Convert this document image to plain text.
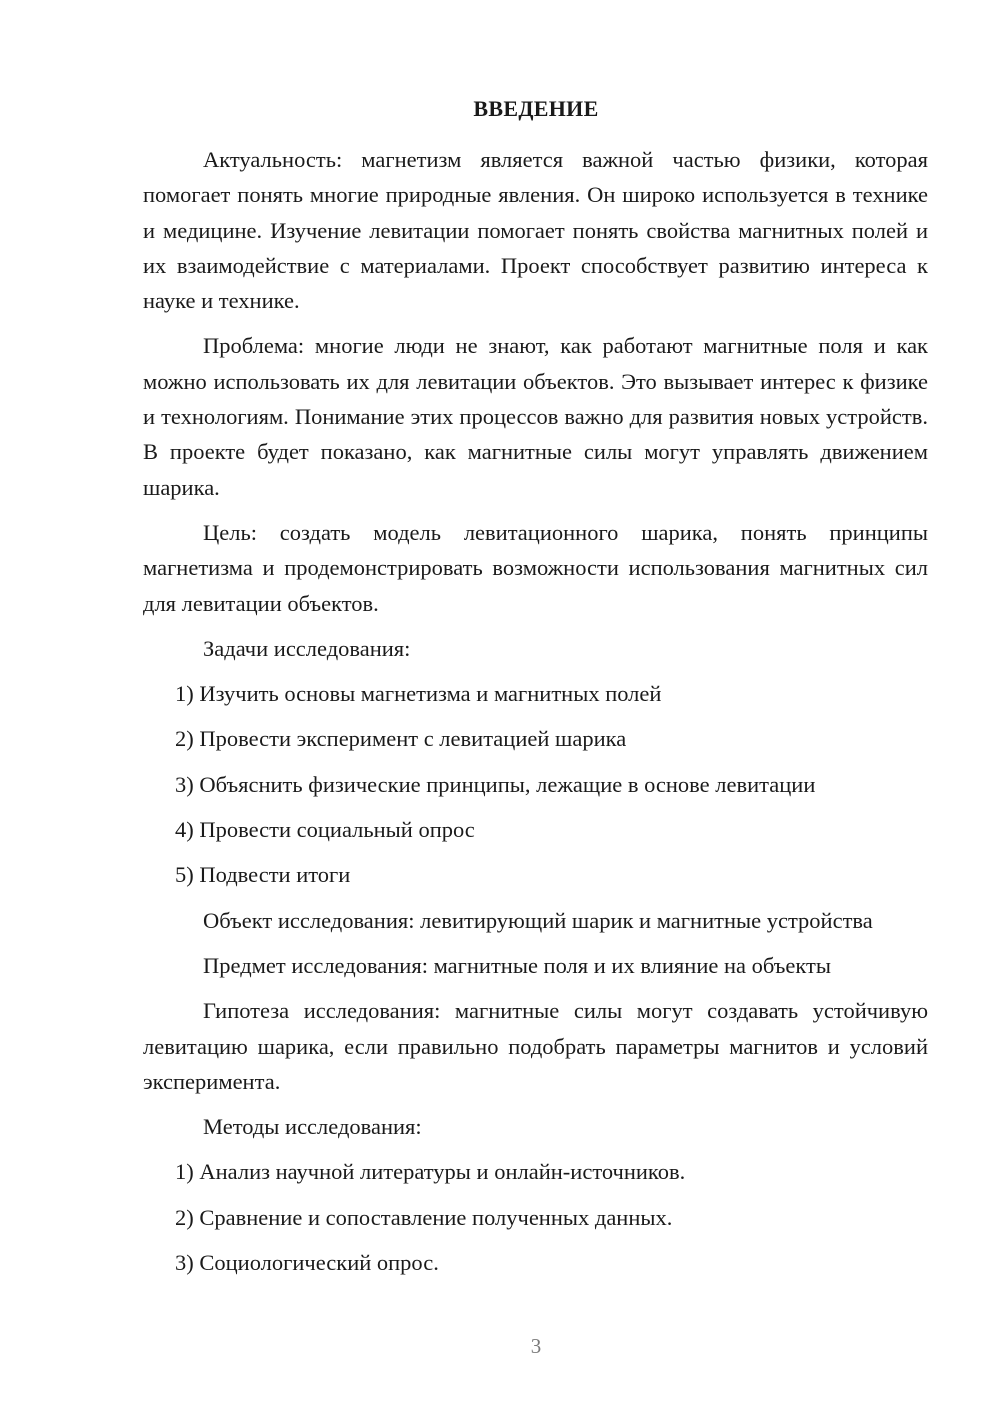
ВВЕДЕНИЕ

Актуальность: магнетизм является важной частью физики, которая помогает понять многие природные явления. Он широко используется в технике и медицине. Изучение левитации помогает понять свойства магнитных полей и их взаимодействие с материалами. Проект способствует развитию интереса к науке и технике.

Проблема: многие люди не знают, как работают магнитные поля и как можно использовать их для левитации объектов. Это вызывает интерес к физике и технологиям. Понимание этих процессов важно для развития новых устройств. В проекте будет показано, как магнитные силы могут управлять движением шарика.

Цель: создать модель левитационного шарика, понять принципы магнетизма и продемонстрировать возможности использования магнитных сил для левитации объектов.

Задачи исследования:

1) Изучить основы магнетизма и магнитных полей
2) Провести эксперимент с левитацией шарика
3) Объяснить физические принципы, лежащие в основе левитации
4) Провести социальный опрос
5) Подвести итоги

Объект исследования: левитирующий шарик и магнитные устройства

Предмет исследования: магнитные поля и их влияние на объекты

Гипотеза исследования: магнитные силы могут создавать устойчивую левитацию шарика, если правильно подобрать параметры магнитов и условий эксперимента.

Методы исследования:

1) Анализ научной литературы и онлайн-источников.
2) Сравнение и сопоставление полученных данных.
3) Социологический опрос.
3
